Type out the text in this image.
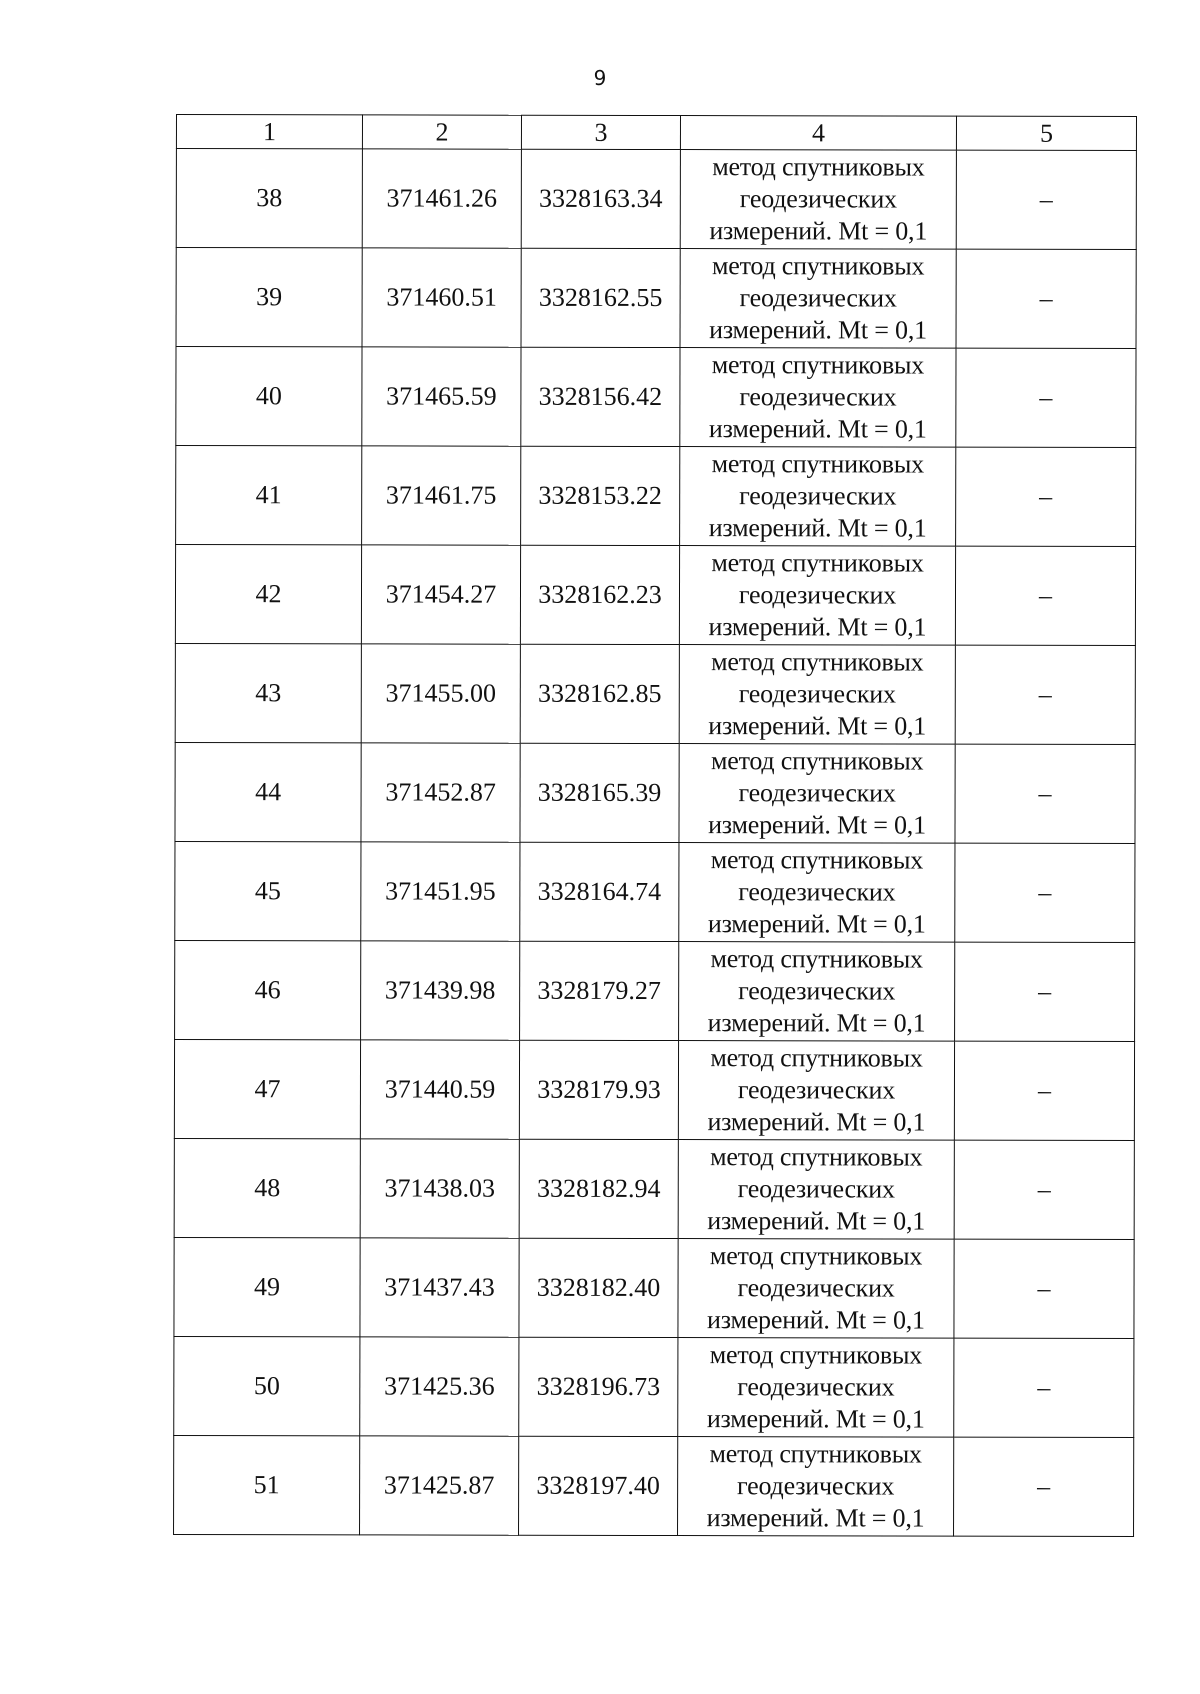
9
1	2	3	4	5
38	371461.26	3328163.34	метод спутниковых
геодезических
измерений. Mt = 0,1	–
39	371460.51	3328162.55	метод спутниковых
геодезических
измерений. Mt = 0,1	–
40	371465.59	3328156.42	метод спутниковых
геодезических
измерений. Mt = 0,1	–
41	371461.75	3328153.22	метод спутниковых
геодезических
измерений. Mt = 0,1	–
42	371454.27	3328162.23	метод спутниковых
геодезических
измерений. Mt = 0,1	–
43	371455.00	3328162.85	метод спутниковых
геодезических
измерений. Mt = 0,1	–
44	371452.87	3328165.39	метод спутниковых
геодезических
измерений. Mt = 0,1	–
45	371451.95	3328164.74	метод спутниковых
геодезических
измерений. Mt = 0,1	–
46	371439.98	3328179.27	метод спутниковых
геодезических
измерений. Mt = 0,1	–
47	371440.59	3328179.93	метод спутниковых
геодезических
измерений. Mt = 0,1	–
48	371438.03	3328182.94	метод спутниковых
геодезических
измерений. Mt = 0,1	–
49	371437.43	3328182.40	метод спутниковых
геодезических
измерений. Mt = 0,1	–
50	371425.36	3328196.73	метод спутниковых
геодезических
измерений. Mt = 0,1	–
51	371425.87	3328197.40	метод спутниковых
геодезических
измерений. Mt = 0,1	–
